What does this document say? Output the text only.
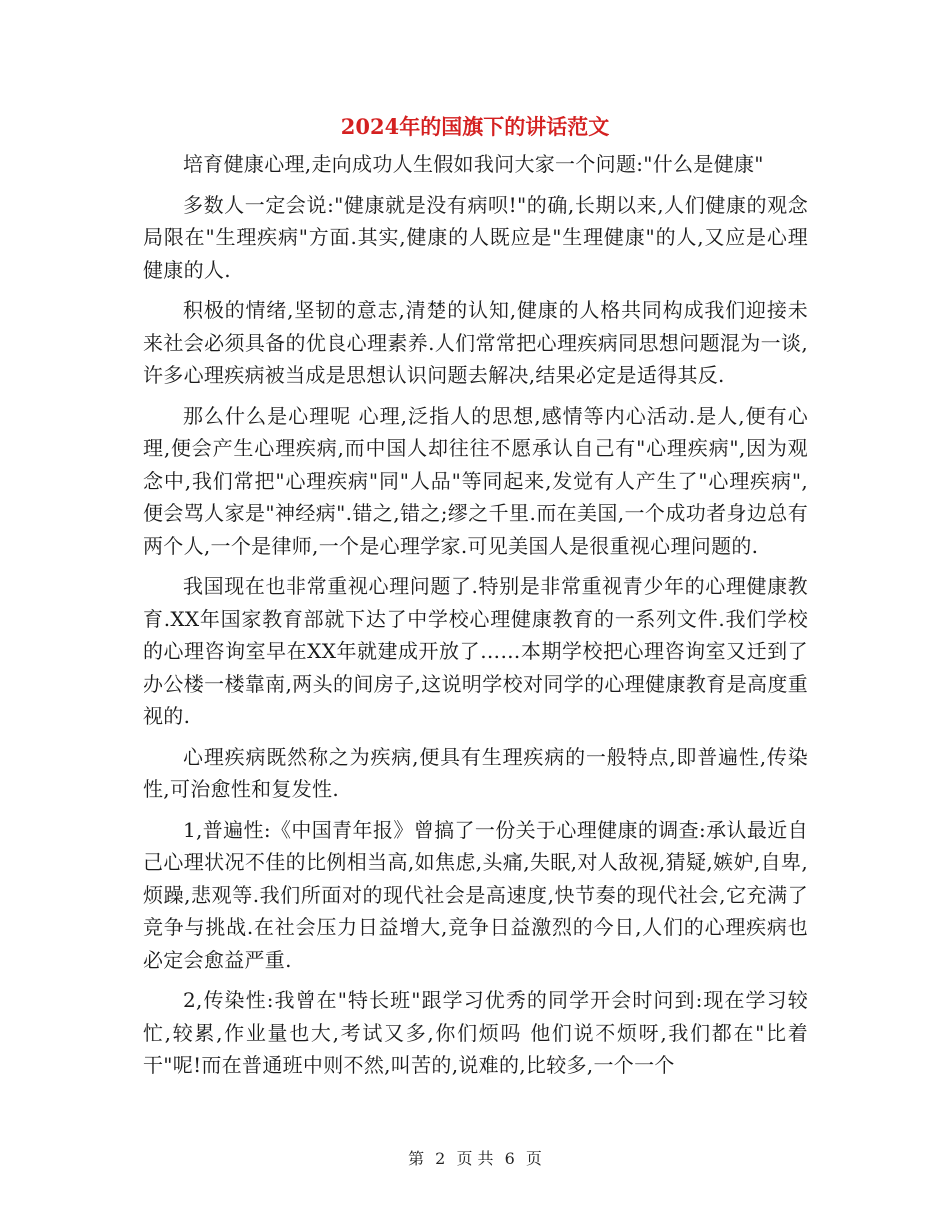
2024年的国旗下的讲话范文

培育健康心理,走向成功人生假如我问大家一个问题:"什么是健康"

多数人一定会说:"健康就是没有病呗!"的确,长期以来,人们健康的观念局限在"生理疾病"方面.其实,健康的人既应是"生理健康"的人,又应是心理健康的人.

积极的情绪,坚韧的意志,清楚的认知,健康的人格共同构成我们迎接未来社会必须具备的优良心理素养.人们常常把心理疾病同思想问题混为一谈,许多心理疾病被当成是思想认识问题去解决,结果必定是适得其反.

那么什么是心理呢 心理,泛指人的思想,感情等内心活动.是人,便有心理,便会产生心理疾病,而中国人却往往不愿承认自己有"心理疾病",因为观念中,我们常把"心理疾病"同"人品"等同起来,发觉有人产生了"心理疾病",便会骂人家是"神经病".错之,错之;缪之千里.而在美国,一个成功者身边总有两个人,一个是律师,一个是心理学家.可见美国人是很重视心理问题的.

我国现在也非常重视心理问题了.特别是非常重视青少年的心理健康教育.XX年国家教育部就下达了中学校心理健康教育的一系列文件.我们学校的心理咨询室早在XX年就建成开放了……本期学校把心理咨询室又迁到了办公楼一楼靠南,两头的间房子,这说明学校对同学的心理健康教育是高度重视的.

心理疾病既然称之为疾病,便具有生理疾病的一般特点,即普遍性,传染性,可治愈性和复发性.

1,普遍性:《中国青年报》曾搞了一份关于心理健康的调查:承认最近自己心理状况不佳的比例相当高,如焦虑,头痛,失眠,对人敌视,猜疑,嫉妒,自卑,烦躁,悲观等.我们所面对的现代社会是高速度,快节奏的现代社会,它充满了竞争与挑战.在社会压力日益增大,竞争日益激烈的今日,人们的心理疾病也必定会愈益严重.

2,传染性:我曾在"特长班"跟学习优秀的同学开会时问到:现在学习较忙,较累,作业量也大,考试又多,你们烦吗 他们说不烦呀,我们都在"比着干"呢!而在普通班中则不然,叫苦的,说难的,比较多,一个一个

第 2 页 共 6 页
